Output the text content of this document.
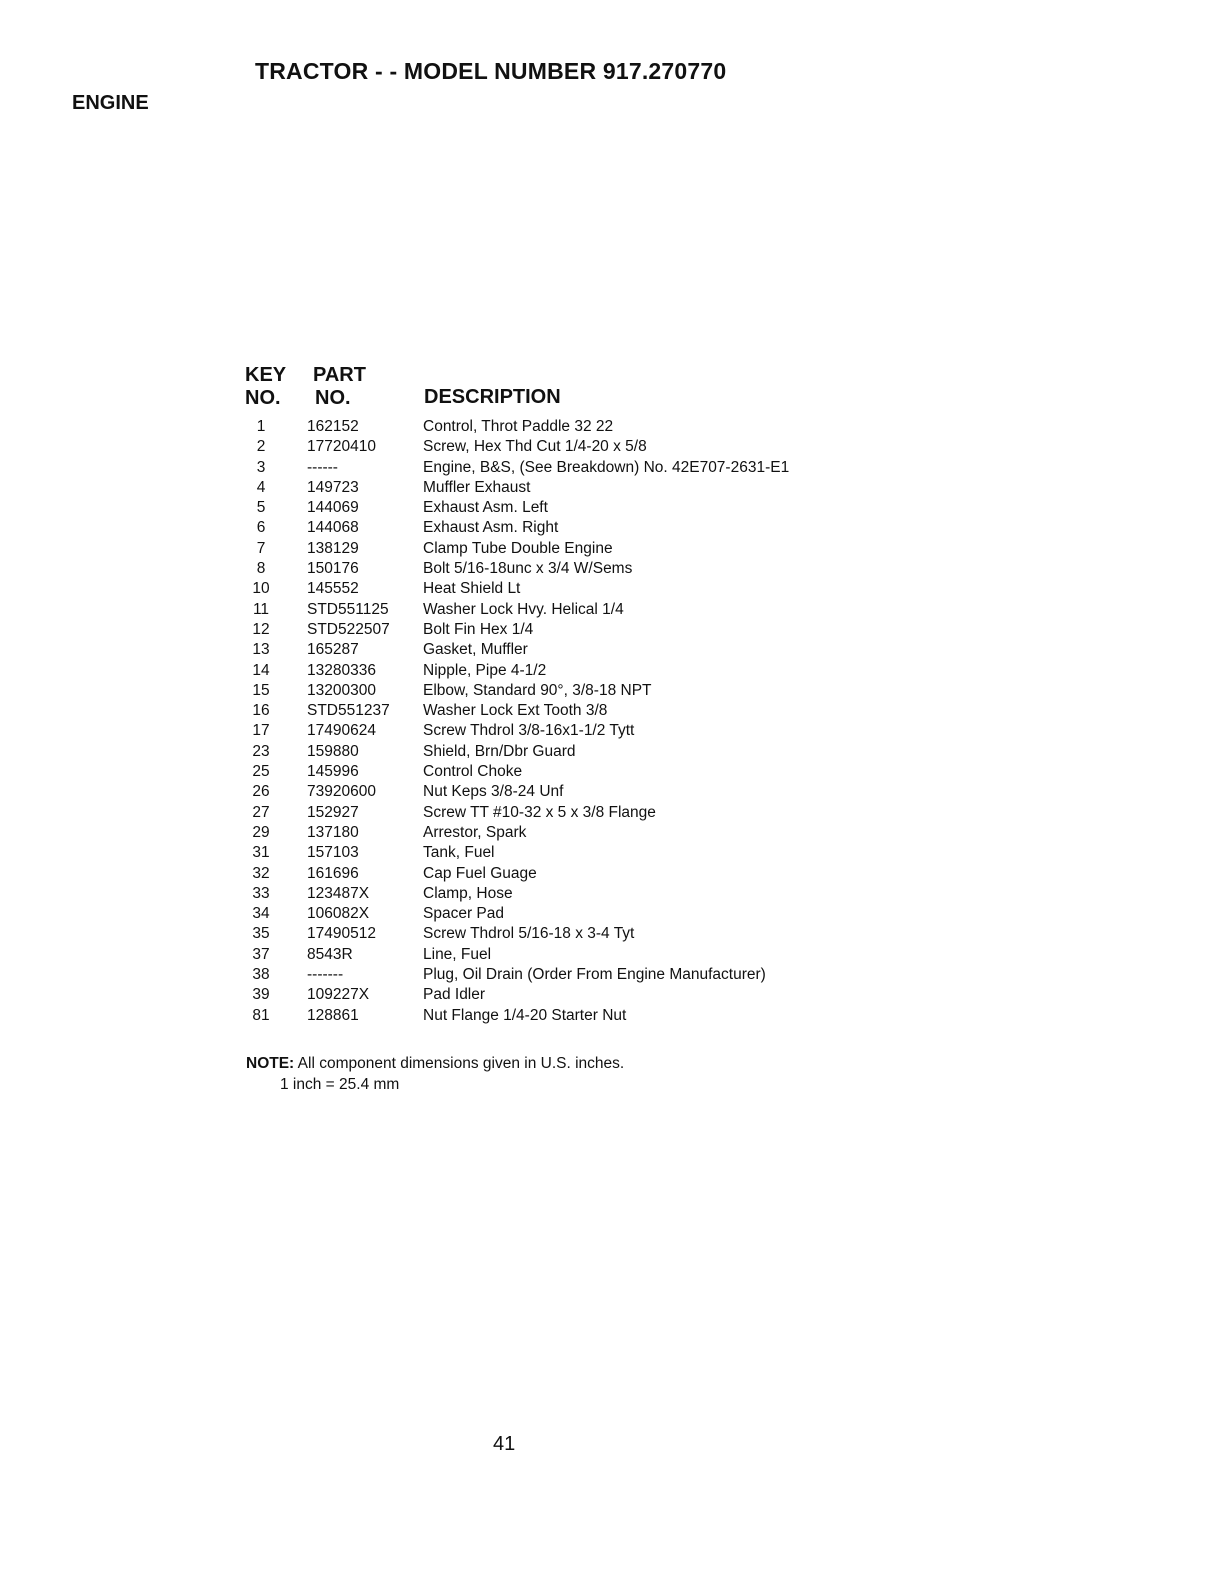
TRACTOR - - MODEL NUMBER 917.270770
ENGINE
KEY
NO.
PART
NO.	DESCRIPTION
1	162152	Control, Throt Paddle 32 22
2	17720410	Screw, Hex Thd Cut 1/4-20 x 5/8
3	------	Engine, B&S, (See Breakdown) No. 42E707-2631-E1
4	149723	Muffler Exhaust
5	144069	Exhaust Asm. Left
6	144068	Exhaust Asm. Right
7	138129	Clamp Tube Double Engine
8	150176	Bolt 5/16-18unc x 3/4 W/Sems
10	145552	Heat Shield Lt
11	STD551125 Washer Lock Hvy. Helical 1/4
12	STD522507 Bolt Fin Hex 1/4
13	165287	Gasket, Muffler
14	13280336	Nipple, Pipe 4-1/2
15	13200300	Elbow, Standard 90°, 3/8-18 NPT
16	STD551237 Washer Lock Ext Tooth 3/8
17	17490624	Screw Thdrol 3/8-16x1-1/2 Tytt
23	159880	Shield, Brn/Dbr Guard
25	145996	Control Choke
26	73920600	Nut Keps 3/8-24 Unf
27	152927	Screw TT #10-32 x 5 x 3/8 Flange
29	137180	Arrestor, Spark
31	157103	Tank, Fuel
32	161696	Cap Fuel Guage
33	123487X	Clamp, Hose
34	106082X	Spacer Pad
35	17490512	Screw Thdrol 5/16-18 x 3-4 Tyt
37	8543R	Line, Fuel
38	-------	Plug, Oil Drain (Order From Engine Manufacturer)
39	109227X	Pad Idler
81	128861	Nut Flange 1/4-20 Starter Nut
NOTE: All component dimensions given in U.S. inches.
1 inch = 25.4 mm
41
